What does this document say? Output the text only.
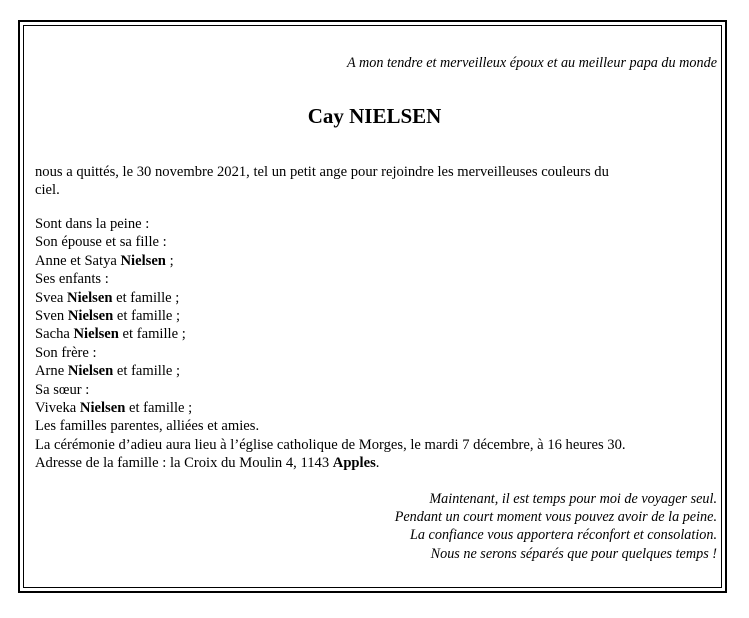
A mon tendre et merveilleux époux et au meilleur papa du monde
Cay NIELSEN
nous a quittés, le 30 novembre 2021, tel un petit ange pour rejoindre les merveilleuses couleurs du ciel.
Sont dans la peine :
Son épouse et sa fille :
Anne et Satya Nielsen ;
Ses enfants :
Svea Nielsen et famille ;
Sven Nielsen et famille ;
Sacha Nielsen et famille ;
Son frère :
Arne Nielsen et famille ;
Sa sœur :
Viveka Nielsen et famille ;
Les familles parentes, alliées et amies.
La cérémonie d’adieu aura lieu à l’église catholique de Morges, le mardi 7 décembre, à 16 heures 30.
Adresse de la famille : la Croix du Moulin 4, 1143 Apples.
Maintenant, il est temps pour moi de voyager seul.
Pendant un court moment vous pouvez avoir de la peine.
La confiance vous apportera réconfort et consolation.
Nous ne serons séparés que pour quelques temps !
